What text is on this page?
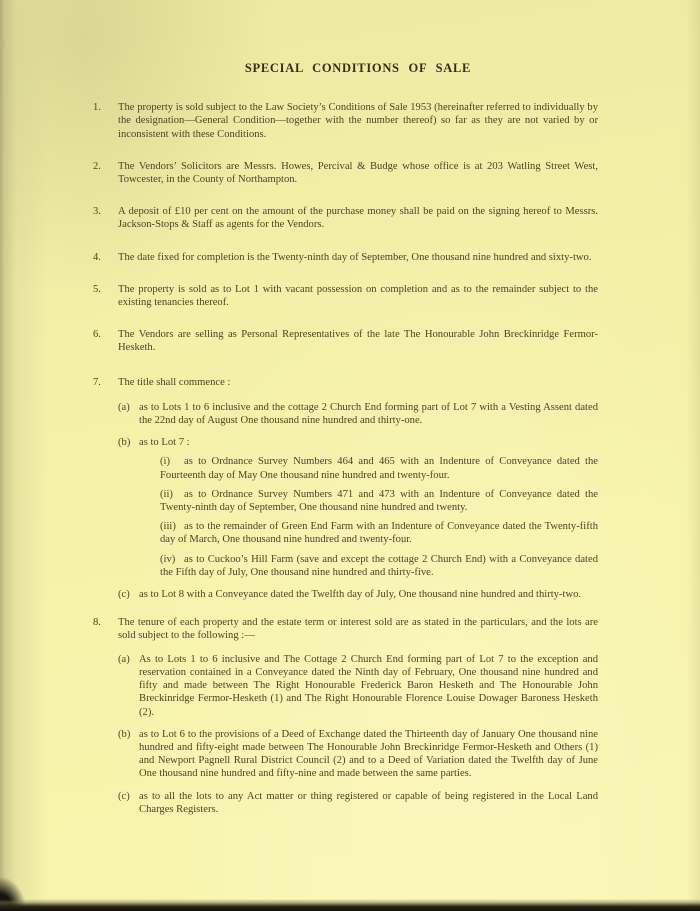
SPECIAL CONDITIONS OF SALE
1. The property is sold subject to the Law Society’s Conditions of Sale 1953 (hereinafter referred to individually by the designation—General Condition—together with the number thereof) so far as they are not varied by or inconsistent with these Conditions.
2. The Vendors’ Solicitors are Messrs. Howes, Percival & Budge whose office is at 203 Watling Street West, Towcester, in the County of Northampton.
3. A deposit of £10 per cent on the amount of the purchase money shall be paid on the signing hereof to Messrs. Jackson-Stops & Staff as agents for the Vendors.
4. The date fixed for completion is the Twenty-ninth day of September, One thousand nine hundred and sixty-two.
5. The property is sold as to Lot 1 with vacant possession on completion and as to the remainder subject to the existing tenancies thereof.
6. The Vendors are selling as Personal Representatives of the late The Honourable John Breckinridge Fermor-Hesketh.
7. The title shall commence :
(a) as to Lots 1 to 6 inclusive and the cottage 2 Church End forming part of Lot 7 with a Vesting Assent dated the 22nd day of August One thousand nine hundred and thirty-one.
(b) as to Lot 7 :

(i) as to Ordnance Survey Numbers 464 and 465 with an Indenture of Conveyance dated the Fourteenth day of May One thousand nine hundred and twenty-four.

(ii) as to Ordnance Survey Numbers 471 and 473 with an Indenture of Conveyance dated the Twenty-ninth day of September, One thousand nine hundred and twenty.

(iii) as to the remainder of Green End Farm with an Indenture of Conveyance dated the Twenty-fifth day of March, One thousand nine hundred and twenty-four.

(iv) as to Cuckoo’s Hill Farm (save and except the cottage 2 Church End) with a Conveyance dated the Fifth day of July, One thousand nine hundred and thirty-five.

(c) as to Lot 8 with a Conveyance dated the Twelfth day of July, One thousand nine hundred and thirty-two.
8. The tenure of each property and the estate term or interest sold are as stated in the particulars, and the lots are sold subject to the following :—
(a) As to Lots 1 to 6 inclusive and The Cottage 2 Church End forming part of Lot 7 to the exception and reservation contained in a Conveyance dated the Ninth day of February, One thousand nine hundred and fifty and made between The Right Honourable Frederick Baron Hesketh and The Honourable John Breckinridge Fermor-Hesketh (1) and The Right Honourable Florence Louise Dowager Baroness Hesketh (2).
(b) as to Lot 6 to the provisions of a Deed of Exchange dated the Thirteenth day of January One thousand nine hundred and fifty-eight made between The Honourable John Breckinridge Fermor-Hesketh and Others (1) and Newport Pagnell Rural District Council (2) and to a Deed of Variation dated the Twelfth day of June One thousand nine hundred and fifty-nine and made between the same parties.
(c) as to all the lots to any Act matter or thing registered or capable of being registered in the Local Land Charges Registers.
